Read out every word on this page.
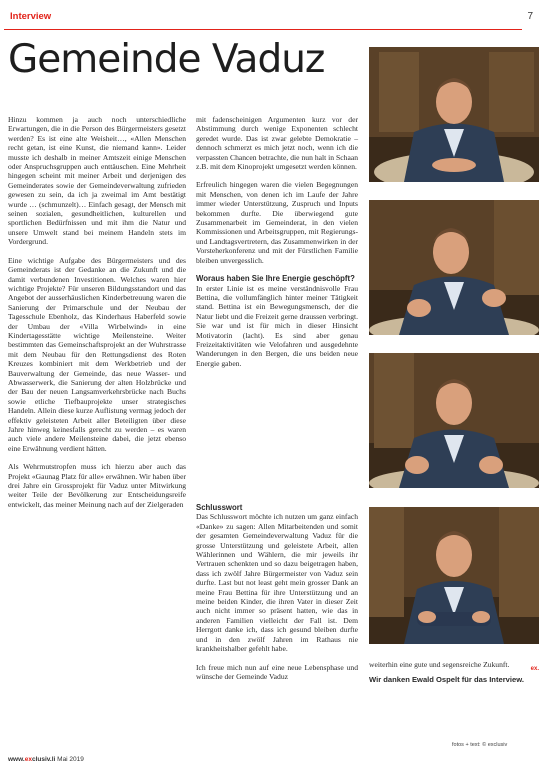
Interview	7
Gemeinde Vaduz

Hinzu kommen ja auch noch unterschiedliche Erwartungen, die in die Person des Bürgermeisters gesetzt werden? Es ist eine alte Weisheit…, «Allen Menschen recht getan, ist eine Kunst, die niemand kann». Leider musste ich deshalb in meiner Amtszeit einige Menschen oder Anspruchsgruppen auch enttäuschen. Eine Mehrheit hingegen scheint mit meiner Arbeit und derjenigen des Gemeinderates sowie der Gemeindeverwaltung zufrieden gewesen zu sein, da ich ja zweimal im Amt bestätigt wurde … (schmunzelt)… Einfach gesagt, der Mensch mit seinen sozialen, gesundheitlichen, kulturellen und sportlichen Bedürfnissen und mit ihm die Natur und unsere Umwelt stand bei meinem Handeln stets im Vordergrund.

Eine wichtige Aufgabe des Bürgermeisters und des Gemeinderats ist der Gedanke an die Zukunft und die damit verbundenen Investitionen. Welches waren hier wichtige Projekte? Für unseren Bildungsstandort und das Angebot der ausserhäuslichen Kinderbetreuung waren die Sanierung der Primarschule und der Neubau der Tagesschule Ebenholz, das Kinderhaus Haberfeld sowie der Umbau der «Villa Wirbelwind» in eine Kindertagesstätte wichtige Meilensteine. Weiter bestimmten das Gemeinschaftsprojekt an der Wuhrstrasse mit dem Neubau für den Rettungsdienst des Roten Kreuzes kombiniert mit dem Werkbetrieb und der Bauverwaltung der Gemeinde, das neue Wasser- und Abwasserwerk, die Sanierung der alten Holzbrücke und der Bau der neuen Langsamverkehrsbrücke nach Buchs sowie etliche Tiefbauprojekte unser strategisches Handeln. Allein diese kurze Auflistung vermag jedoch der effektiv geleisteten Arbeit aller Beteiligten über diese Jahre hinweg keinesfalls gerecht zu werden – es waren auch viele andere Meilensteine dabei, die jetzt ebenso eine Erwähnung verdient hätten.

Als Wehrmutstropfen muss ich hierzu aber auch das Projekt «Gaunag Platz für alle» erwähnen. Wir haben über drei Jahre ein Grossprojekt für Vaduz unter Mitwirkung weiter Teile der Bevölkerung zur Entscheidungsreife entwickelt, das meiner Meinung nach auf der Zielgeraden

mit fadenscheinigen Argumenten kurz vor der Abstimmung durch wenige Exponenten schlecht geredet wurde. Das ist zwar gelebte Demokratie – dennoch schmerzt es mich jetzt noch, wenn ich die verpassten Chancen betrachte, die nun halt in Schaan z.B. mit dem Kinoprojekt umgesetzt werden können.

Erfreulich hingegen waren die vielen Begegnungen mit Menschen, von denen ich im Laufe der Jahre immer wieder Unterstützung, Zuspruch und Inputs bekommen durfte. Die überwiegend gute Zusammenarbeit im Gemeinderat, in den vielen Kommissionen und Arbeitsgruppen, mit Regierungs- und Landtagsvertretern, das Zusammenwirken in der Vorsteherkonferenz und mit der Fürstlichen Familie bleiben unvergesslich.

Woraus haben Sie Ihre Energie geschöpft?

In erster Linie ist es meine verständnisvolle Frau Bettina, die vollumfänglich hinter meiner Tätigkeit stand. Bettina ist ein Bewegungsmensch, der die Natur liebt und die Freizeit gerne draussen verbringt. Sie war und ist für mich in dieser Hinsicht Motivatorin (lacht). Es sind aber genau Freizeitaktivitäten wie Velofahren und ausgedehnte Wanderungen in den Bergen, die uns beiden neue Energie gaben.

Schlusswort

Das Schlusswort möchte ich nutzen um ganz einfach «Danke» zu sagen: Allen Mitarbeitenden und somit der gesamten Gemeindeverwaltung Vaduz für die grosse Unterstützung und geleistete Arbeit, allen Wählerinnen und Wählern, die mir jeweils ihr Vertrauen schenkten und so dazu beigetragen haben, dass ich zwölf Jahre Bürgermeister von Vaduz sein durfte. Last but not least geht mein grosser Dank an meine Frau Bettina für ihre Unterstützung und an meine beiden Kinder, die ihren Vater in dieser Zeit auch nicht immer so präsent hatten, wie das in anderen Familien vielleicht der Fall ist. Dem Herrgott danke ich, dass ich gesund bleiben durfte und in den zwölf Jahren im Rathaus nie krankheitshalber gefehlt habe.

Ich freue mich nun auf eine neue Lebensphase und wünsche der Gemeinde Vaduz

weiterhin eine gute und segensreiche Zukunft.

ex.

Wir danken Ewald Ospelt für das Interview.

fotos + text: © exclusiv
www.exclusiv.li Mai 2019
